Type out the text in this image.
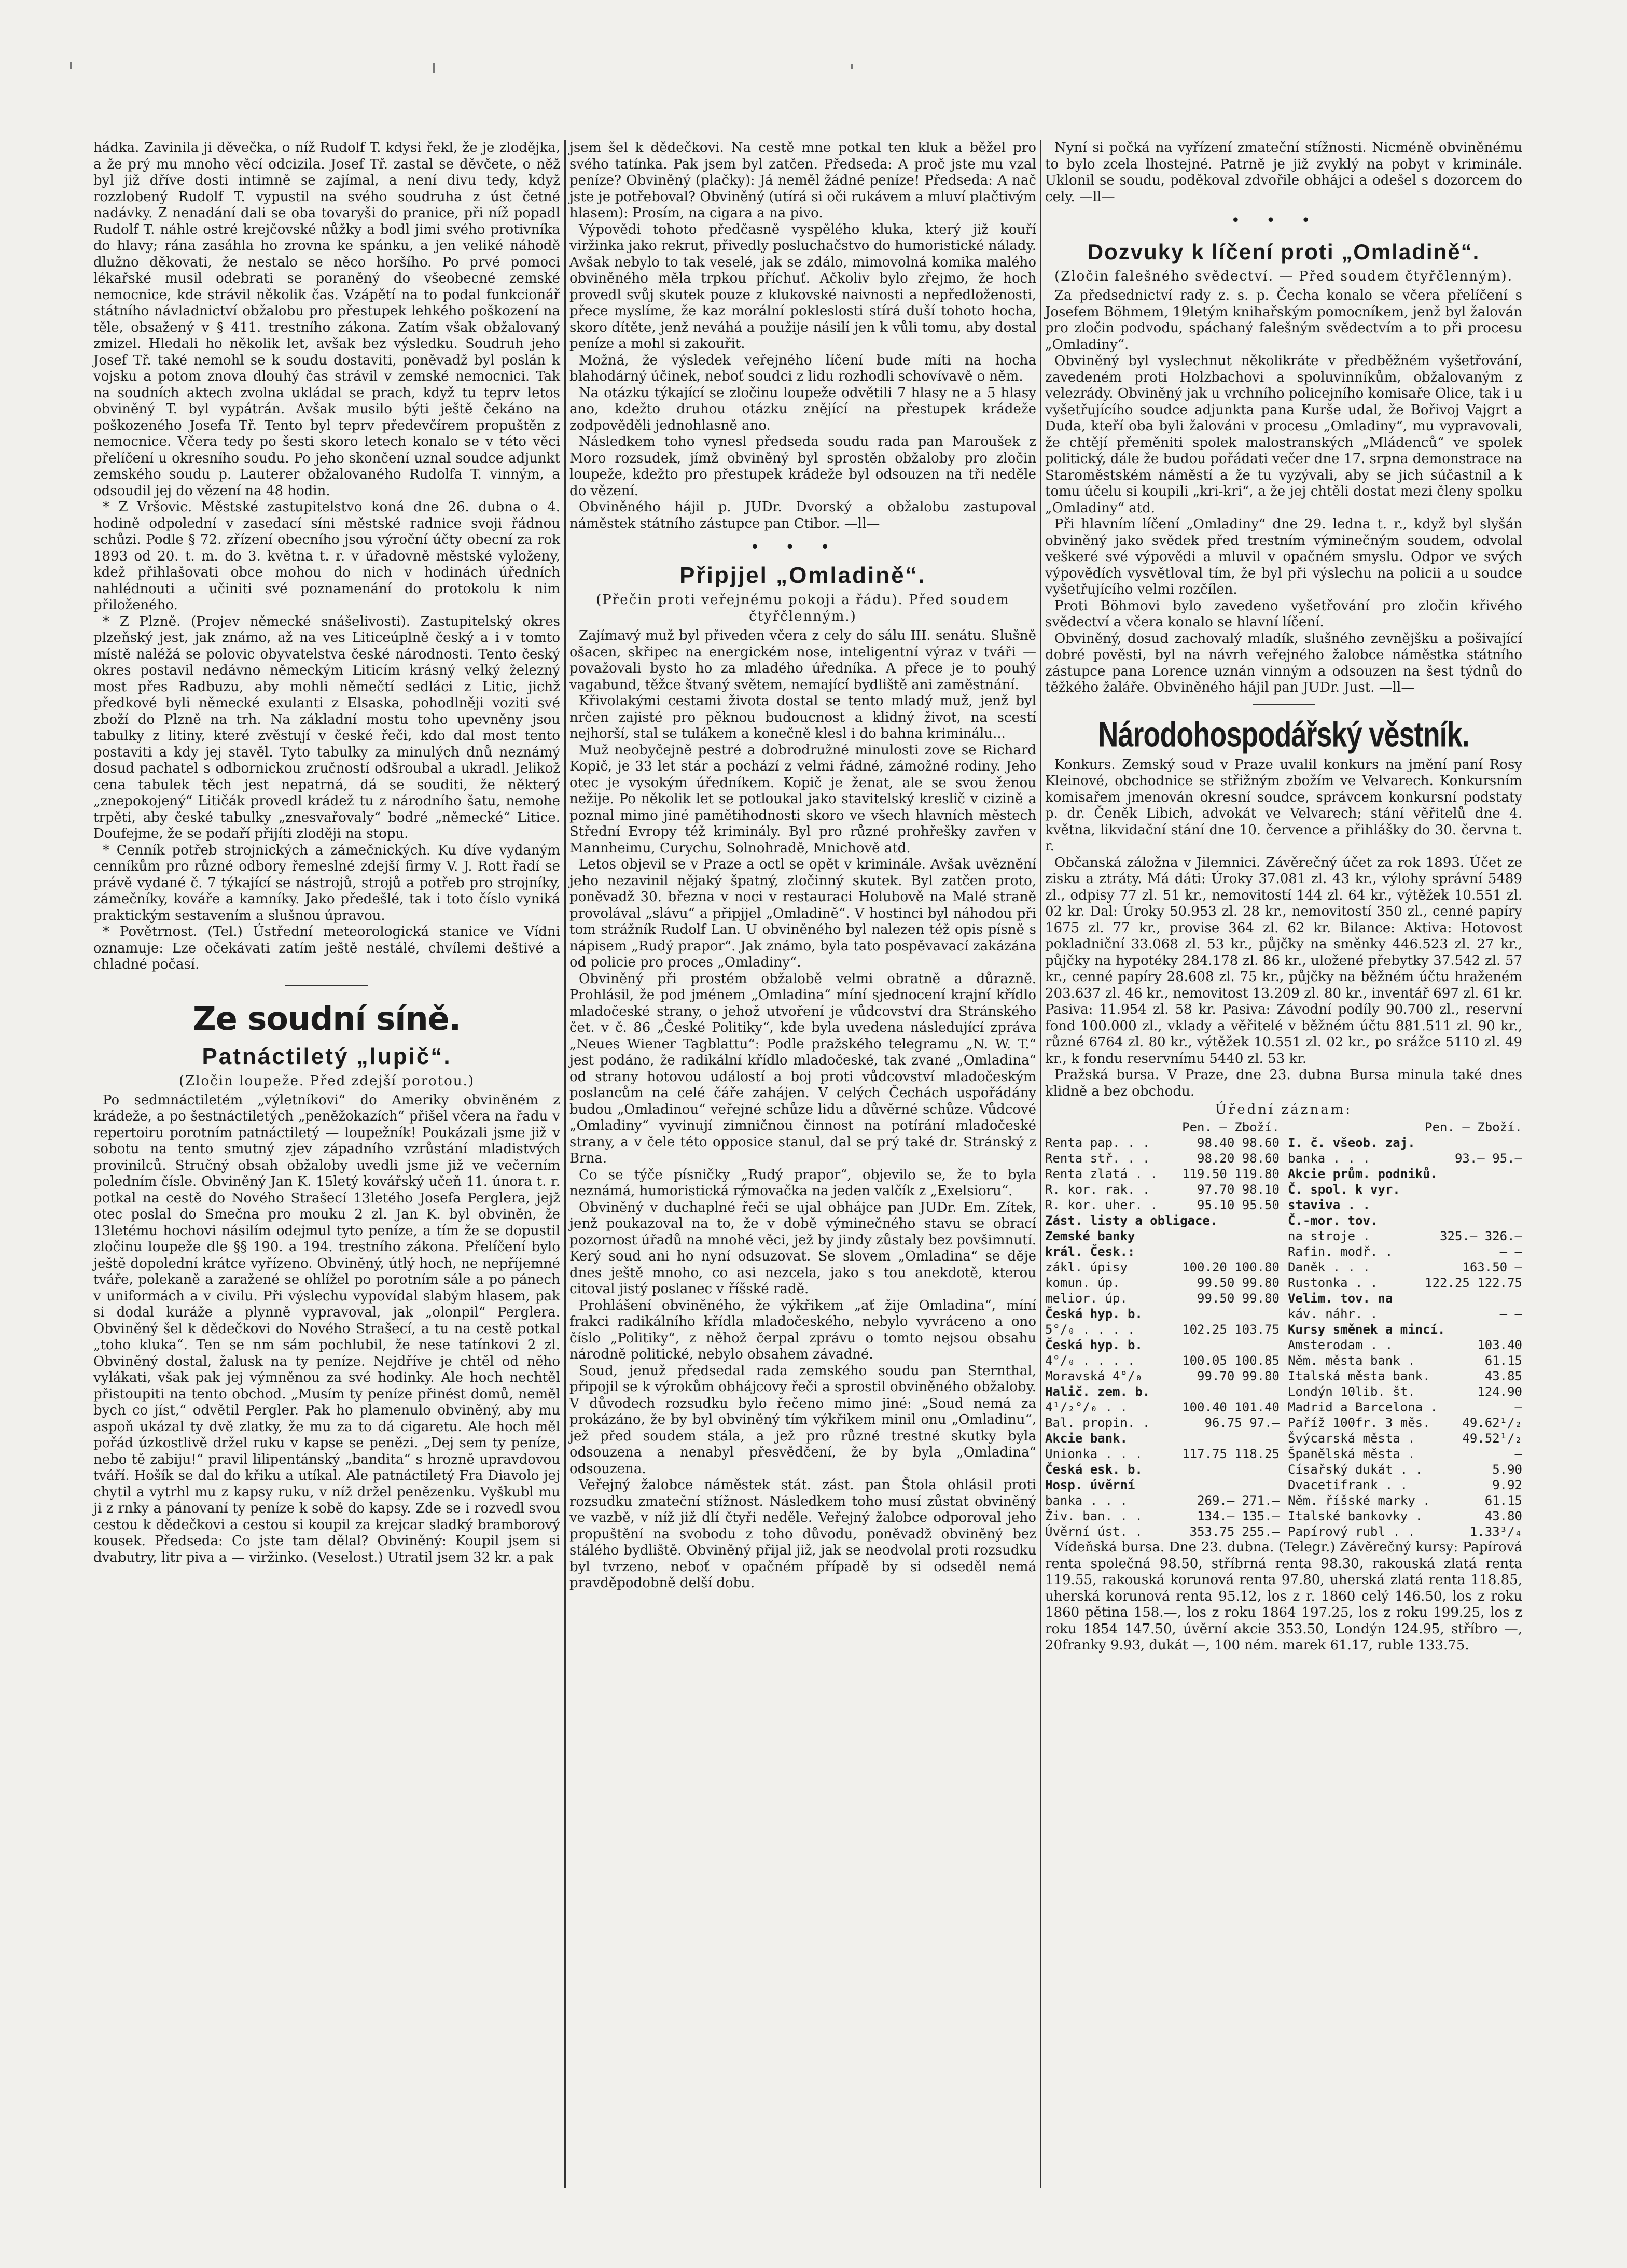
hádka. Zavinila ji děvečka, o níž Rudolf T. kdysi řekl, že je zlodějka, a že prý mu mnoho věcí odcizila. Josef Tř. zastal se děvčete, o něž byl již dříve dosti intimně se zajímal, a není divu tedy, když rozzlobený Rudolf T. vypustil na svého soudruha z úst četné nadávky. Z nenadání dali se oba tovaryši do pranice, při níž popadl Rudolf T. náhle ostré krejčovské nůžky a bodl jimi svého protivníka do hlavy; rána zasáhla ho zrovna ke spánku, a jen veliké náhodě dlužno děkovati, že nestalo se něco horšího. Po prvé pomoci lékařské musil odebrati se poraněný do všeobecné zemské nemocnice, kde strávil několik čas. Vzápětí na to podal funkcionář státního návladnictví obžalobu pro přestupek lehkého poškození na těle, obsažený v § 411. trestního zákona. Zatím však obžalovaný zmizel. Hledali ho několik let, avšak bez výsledku. Soudruh jeho Josef Tř. také nemohl se k soudu dostaviti, poněvadž byl poslán k vojsku a potom znova dlouhý čas strávil v zemské nemocnici. Tak na soudních aktech zvolna ukládal se prach, když tu teprv letos obviněný T. byl vypátrán. Avšak musilo býti ještě čekáno na poškozeného Josefa Tř. Tento byl teprv předevčírem propuštěn z nemocnice. Včera tedy po šesti skoro letech konalo se v této věci přelíčení u okresního soudu. Po jeho skončení uznal soudce adjunkt zemského soudu p. Lauterer obžalovaného Rudolfa T. vinným, a odsoudil jej do vězení na 48 hodin.

* Z Vršovic. Městské zastupitelstvo koná dne 26. dubna o 4. hodině odpolední v zasedací síni městské radnice svoji řádnou schůzi. Podle § 72. zřízení obecního jsou výroční účty obecní za rok 1893 od 20. t. m. do 3. května t. r. v úřadovně městské vyloženy, kdež přihlašovati obce mohou do nich v hodinách úředních nahlédnouti a učiniti své poznamenání do protokolu k nim přiloženého.

* Z Plzně. (Projev německé snášelivosti). Zastupitelský okres plzeňský jest, jak známo, až na ves Liticeúplně český a i v tomto místě naléžá se polovic obyvatelstva české národnosti. Tento český okres postavil nedávno německým Liticím krásný velký železný most přes Radbuzu, aby mohli němečtí sedláci z Litic, jichž předkové byli německé exulanti z Elsaska, pohodlněji voziti své zboží do Plzně na trh. Na základní mostu toho upevněny jsou tabulky z litiny, které zvěstují v české řeči, kdo dal most tento postaviti a kdy jej stavěl. Tyto tabulky za minulých dnů neznámý dosud pachatel s odbornickou zručností odšroubal a ukradl. Jelikož cena tabulek těch jest nepatrná, dá se souditi, že některý „znepokojený“ Litičák provedl krádež tu z národního šatu, nemohe trpěti, aby české tabulky „znesvařovaly“ bodré „německé“ Litice. Doufejme, že se podaří přijíti zloději na stopu.

* Cenník potřeb strojnických a zámečnických. Ku díve vydaným cenníkům pro různé odbory řemeslné zdejší firmy V. J. Rott řadí se právě vydané č. 7 týkající se nástrojů, strojů a potřeb pro strojníky, zámečníky, kováře a kamníky. Jako předešlé, tak i toto číslo vyniká praktickým sestavením a slušnou úpravou.

* Povětrnost. (Tel.) Ústřední meteorologická stanice ve Vídni oznamuje: Lze očekávati zatím ještě nestálé, chvílemi deštivé a chladné počasí.

Ze soudní síně.
Patnáctiletý „lupič“.
(Zločin loupeže. Před zdejší porotou.)

Po sedmnáctiletém „výletníkovi“ do Ameriky obviněném z krádeže, a po šestnáctiletých „peněžokazích“ přišel včera na řadu v repertoiru porotním patnáctiletý — loupežník! Poukázali jsme již v sobotu na tento smutný zjev západního vzrůstání mladistvých provinilců. Stručný obsah obžaloby uvedli jsme již ve večerním poledním čísle. Obviněný Jan K. 15letý kovářský učeň 11. února t. r. potkal na cestě do Nového Strašecí 13letého Josefa Perglera, jejž otec poslal do Smečna pro mouku 2 zl. Jan K. byl obviněn, že 13letému hochovi násilím odejmul tyto peníze, a tím že se dopustil zločinu loupeže dle §§ 190. a 194. trestního zákona. Přelíčení bylo ještě dopolední krátce vyřízeno. Obviněný, útlý hoch, ne nepříjemné tváře, polekaně a zaražené se ohlížel po porotním sále a po pánech v uniformách a v civilu. Při výslechu vypovídal slabým hlasem, pak si dodal kuráže a plynně vypravoval, jak „olonpil“ Perglera. Obviněný šel k dědečkovi do Nového Strašecí, a tu na cestě potkal „toho kluka“. Ten se nm sám pochlubil, že nese tatínkovi 2 zl. Obviněný dostal, žalusk na ty peníze. Nejdříve je chtěl od něho vylákati, však pak jej výmněnou za své hodinky. Ale hoch nechtěl přistoupiti na tento obchod. „Musím ty peníze přinést domů, neměl bych co jíst,“ odvětil Pergler. Pak ho plamenulo obviněný, aby mu aspoň ukázal ty dvě zlatky, že mu za to dá cigaretu. Ale hoch měl pořád úzkostlivě držel ruku v kapse se penězi. „Dej sem ty peníze, nebo tě zabiju!“ pravil lilipentánský „bandita“ s hrozně upravdovou tváří. Hošík se dal do křiku a utíkal. Ale patnáctiletý Fra Diavolo jej chytil a vytrhl mu z kapsy ruku, v níž držel penězenku. Vyškubl mu ji z rnky a pánovaní ty peníze k sobě do kapsy. Zde se i rozvedl svou cestou k dědečkovi a cestou si koupil za krejcar sladký bramborový kousek. Předseda: Co jste tam dělal? Obviněný: Koupil jsem si dvabutry, litr piva a — viržinko. (Veselost.) Utratil jsem 32 kr. a pak

jsem šel k dědečkovi. Na cestě mne potkal ten kluk a běžel pro svého tatínka. Pak jsem byl zatčen. Předseda: A proč jste mu vzal peníze? Obviněný (plačky): Já neměl žádné peníze! Předseda: A nač jste je potřeboval? Obviněný (utírá si oči rukávem a mluví plačtivým hlasem): Prosím, na cigara a na pivo.

Výpovědi tohoto předčasně vyspělého kluka, který již kouří viržinka jako rekrut, přivedly posluchačstvo do humoristické nálady. Avšak nebylo to tak veselé, jak se zdálo, mimovolná komika malého obviněného měla trpkou příchuť. Ačkoliv bylo zřejmo, že hoch provedl svůj skutek pouze z klukovské naivnosti a nepředloženosti, přece myslíme, že kaz morální pokleslosti stírá duší tohoto hocha, skoro dítěte, jenž neváhá a použije násilí jen k vůli tomu, aby dostal peníze a mohl si zakouřit.

Možná, že výsledek veřejného líčení bude míti na hocha blahodárný účinek, neboť soudci z lidu rozhodli schovívavě o něm.

Na otázku týkající se zločinu loupeže odvětili 7 hlasy ne a 5 hlasy ano, kdežto druhou otázku znějící na přestupek krádeže zodpověděli jednohlasně ano.

Následkem toho vynesl předseda soudu rada pan Maroušek z Moro rozsudek, jímž obviněný byl sprostěn obžaloby pro zločin loupeže, kdežto pro přestupek krádeže byl odsouzen na tři neděle do vězení.

Obviněného hájil p. JUDr. Dvorský a obžalobu zastupoval náměstek státního zástupce pan Ctibor. —ll—

•••
Připjjel „Omladině“.
(Přečin proti veřejnému pokoji a řádu). Před soudem čtyřčlenným.)

Zajímavý muž byl přiveden včera z cely do sálu III. senátu. Slušně ošacen, skřipec na energickém nose, inteligentní výraz v tváři — považovali bysto ho za mladého úředníka. A přece je to pouhý vagabund, těžce štvaný světem, nemající bydliště ani zaměstnání.

Křivolakými cestami života dostal se tento mladý muž, jenž byl nrčen zajisté pro pěknou budoucnost a klidný život, na scestí nejhorší, stal se tulákem a konečně klesl i do bahna kriminálu...

Muž neobyčejně pestré a dobrodružné minulosti zove se Richard Kopič, je 33 let stár a pochází z velmi řádné, zámožné rodiny. Jeho otec je vysokým úředníkem. Kopič je ženat, ale se svou ženou nežije. Po několik let se potloukal jako stavitelský kreslič v cizině a poznal mimo jiné pamětihodnosti skoro ve všech hlavních městech Střední Evropy též kriminály. Byl pro různé prohřešky zavřen v Mannheimu, Curychu, Solnohradě, Mnichově atd.

Letos objevil se v Praze a octl se opět v kriminále. Avšak uvěznění jeho nezavinil nějaký špatný, zločinný skutek. Byl zatčen proto, poněvadž 30. března v noci v restauraci Holubově na Malé straně provolával „slávu“ a připjjel „Omladině“. V hostinci byl náhodou při tom strážník Rudolf Lan. U obviněného byl nalezen též opis písně s nápisem „Rudý prapor“. Jak známo, byla tato pospěvavací zakázána od policie pro proces „Omladiny“.

Obviněný při prostém obžalobě velmi obratně a důrazně. Prohlásil, že pod jménem „Omladina“ míní sjednocení krajní křídlo mladočeské strany, o jehož utvoření je vůdcovství dra Stránského čet. v č. 86 „České Politiky“, kde byla uvedena následující zpráva „Neues Wiener Tagblattu“: Podle pražského telegramu „N. W. T.“ jest podáno, že radikální křídlo mladočeské, tak zvané „Omladina“ od strany hotovou událostí a boj proti vůdcovství mladočeským poslancům na celé čáře zahájen. V celých Čechách uspořádány budou „Omladinou“ veřejné schůze lidu a důvěrné schůze. Vůdcové „Omladiny“ vyvinují zimničnou činnost na potírání mladočeské strany, a v čele této opposice stanul, dal se prý také dr. Stránský z Brna.

Co se týče písničky „Rudý prapor“, objevilo se, že to byla neznámá, humoristická rýmovačka na jeden valčík z „Exelsioru“.

Obviněný v duchaplné řeči se ujal obhájce pan JUDr. Em. Zítek, jenž poukazoval na to, že v době výminečného stavu se obrací pozornost úřadů na mnohé věci, jež by jindy zůstaly bez povšimnutí. Kerý soud ani ho nyní odsuzovat. Se slovem „Omladina“ se děje dnes ještě mnoho, co asi nezcela, jako s tou anekdotě, kterou citoval jistý poslanec v říšské radě.

Prohlášení obviněného, že výkřikem „ať žije Omladina“, míní frakci radikálního křídla mladočeského, nebylo vyvráceno a ono číslo „Politiky“, z něhož čerpal zprávu o tomto nejsou obsahu národně politické, nebylo obsahem závadné.

Soud, jenuž předsedal rada zemského soudu pan Sternthal, připojil se k výrokům obhájcovy řeči a sprostil obviněného obžaloby. V důvodech rozsudku bylo řečeno mimo jiné: „Soud nemá za prokázáno, že by byl obviněný tím výkřikem minil onu „Omladinu“, jež před soudem stála, a jež pro různé trestné skutky byla odsouzena a nenabyl přesvědčení, že by byla „Omladina“ odsouzena.

Veřejný žalobce náměstek stát. zást. pan Štola ohlásil proti rozsudku zmateční stížnost. Následkem toho musí zůstat obviněný ve vazbě, v níž již dlí čtyři neděle. Veřejný žalobce odporoval jeho propuštění na svobodu z toho důvodu, poněvadž obviněný bez stálého bydliště. Obviněný přijal již, jak se neodvolal proti rozsudku byl tvrzeno, neboť v opačném případě by si odseděl nemá pravděpodobně delší dobu.

Nyní si počká na vyřízení zmateční stížnosti. Nicméně obviněnému to bylo zcela lhostejné. Patrně je již zvyklý na pobyt v kriminále. Uklonil se soudu, poděkoval zdvořile obhájci a odešel s dozorcem do cely. —ll—

•••
Dozvuky k líčení proti „Omladině“.
(Zločin falešného svědectví. — Před soudem čtyřčlenným).

Za předsednictví rady z. s. p. Čecha konalo se včera přelíčení s Josefem Böhmem, 19letým knihařským pomocníkem, jenž byl žalován pro zločin podvodu, spáchaný falešným svědectvím a to při procesu „Omladiny“.

Obviněný byl vyslechnut několikráte v předběžném vyšetřování, zavedeném proti Holzbachovi a spoluvinníkům, obžalovaným z velezrády. Obviněný jak u vrchního policejního komisaře Olice, tak i u vyšetřujícího soudce adjunkta pana Kurše udal, že Bořivoj Vajgrt a Duda, kteří oba byli žalováni v procesu „Omladiny“, mu vypravovali, že chtějí přeměniti spolek malostranských „Mládenců“ ve spolek politický, dále že budou pořádati večer dne 17. srpna demonstrace na Staroměstském náměstí a že tu vyzývali, aby se jich súčastnil a k tomu účelu si koupili „kri-kri“, a že jej chtěli dostat mezi členy spolku „Omladiny“ atd.

Při hlavním líčení „Omladiny“ dne 29. ledna t. r., když byl slyšán obviněný jako svědek před trestním výminečným soudem, odvolal veškeré své výpovědi a mluvil v opačném smyslu. Odpor ve svých výpovědích vysvětloval tím, že byl při výslechu na policii a u soudce vyšetřujícího velmi rozčílen.

Proti Böhmovi bylo zavedeno vyšetřování pro zločin křivého svědectví a včera konalo se hlavní líčení.

Obviněný, dosud zachovalý mladík, slušného zevnějšku a pošivající dobré pověsti, byl na návrh veřejného žalobce náměstka státního zástupce pana Lorence uznán vinným a odsouzen na šest týdnů do těžkého žaláře. Obviněného hájil pan JUDr. Just. —ll—

Národohospodářský věstník.

Konkurs. Zemský soud v Praze uvalil konkurs na jmění paní Rosy Kleinové, obchodnice se střižným zbožím ve Velvarech. Konkursním komisařem jmenován okresní soudce, správcem konkursní podstaty p. dr. Čeněk Libich, advokát ve Velvarech; stání věřitelů dne 4. května, likvidační stání dne 10. července a přihlášky do 30. června t. r.

Občanská záložna v Jilemnici. Závěrečný účet za rok 1893. Účet ze zisku a ztráty. Má dáti: Úroky 37.081 zl. 43 kr., výlohy správní 5489 zl., odpisy 77 zl. 51 kr., nemovitostí 144 zl. 64 kr., výtěžek 10.551 zl. 02 kr. Dal: Úroky 50.953 zl. 28 kr., nemovitostí 350 zl., cenné papíry 1675 zl. 77 kr., provise 364 zl. 62 kr. Bilance: Aktiva: Hotovost pokladniční 33.068 zl. 53 kr., půjčky na směnky 446.523 zl. 27 kr., půjčky na hypotéky 284.178 zl. 86 kr., uložené přebytky 37.542 zl. 57 kr., cenné papíry 28.608 zl. 75 kr., půjčky na běžném účtu hraženém 203.637 zl. 46 kr., nemovitost 13.209 zl. 80 kr., inventář 697 zl. 61 kr. Pasiva: 11.954 zl. 58 kr. Pasiva: Závodní podíly 90.700 zl., reservní fond 100.000 zl., vklady a věřitelé v běžném účtu 881.511 zl. 90 kr., různé 6764 zl. 80 kr., výtěžek 10.551 zl. 02 kr., po srážce 5110 zl. 49 kr., k fondu reservnímu 5440 zl. 53 kr.

Pražská bursa. V Praze, dne 23. dubna Bursa minula také dnes klidně a bez obchodu.

Úřední záznam:
Pen. — Zboží.
Renta pap. . .	98.40 98.60
Renta stř. . .	98.20 98.60
Renta zlatá . . 119.50 119.80
R. kor. rak. .	97.70 98.10
R. kor. uher. .	95.10 95.50
Zást. listy a obligace.
Zemské banky
král. Česk.:
zákl. úpisy	100.20 100.80
komun. úp.	99.50 99.80
melior. úp.	99.50 99.80
Česká hyp. b.
5°/₀ . . . .	102.25 103.75
Česká hyp. b.
4°/₀ . . . .	100.05 100.85
Moravská 4°/₀	99.70 99.80
Halič. zem. b.
4¹/₂°/₀ . .	100.40 101.40
Bal. propin. .	96.75 97.—
Akcie bank.
Unionka . . .	117.75 118.25
Česká esk. b.
Hosp. úvěrní
banka . . .	269.— 271.—
Živ. ban. . .	134.— 135.—
Úvěrní úst. .	353.75 255.—
Pen. — Zboží.
I. č. všeob. zaj.
banka . . .	93.— 95.—
Akcie prům. podniků.
Č. spol. k vyr.
staviva . .
Č.-mor. tov.
na stroje .	325.— 326.—
Rafin. modř. .	— —
Daněk . . .	163.50 —
Rustonka . .	122.25 122.75
Velim. tov. na
káv. náhr. .	— —
Kursy směnek a mincí.
Amsterodam . .	103.40
Něm. města bank .	61.15
Italská města bank.	43.85
Londýn 10lib. št.	124.90
Madrid a Barcelona .	—
Paříž 100fr. 3 měs.	49.62¹/₂
Švýcarská města .	49.52¹/₂
Španělská města .	—
Císařský dukát . .	5.90
Dvacetifrank . .	9.92
Něm. říšské marky .	61.15
Italské bankovky .	43.80
Papírový rubl . .	1.33³/₄

Vídeňská bursa. Dne 23. dubna. (Telegr.) Závěrečný kursy: Papírová renta společná 98.50, stříbrná renta 98.30, rakouská zlatá renta 119.55, rakouská korunová renta 97.80, uherská zlatá renta 118.85, uherská korunová renta 95.12, los z r. 1860 celý 146.50, los z roku 1860 pětina 158.—, los z roku 1864 197.25, los z roku 199.25, los z roku 1854 147.50, úvěrní akcie 353.50, Londýn 124.95, stříbro —, 20franky 9.93, dukát —, 100 ném. marek 61.17, ruble 133.75.
